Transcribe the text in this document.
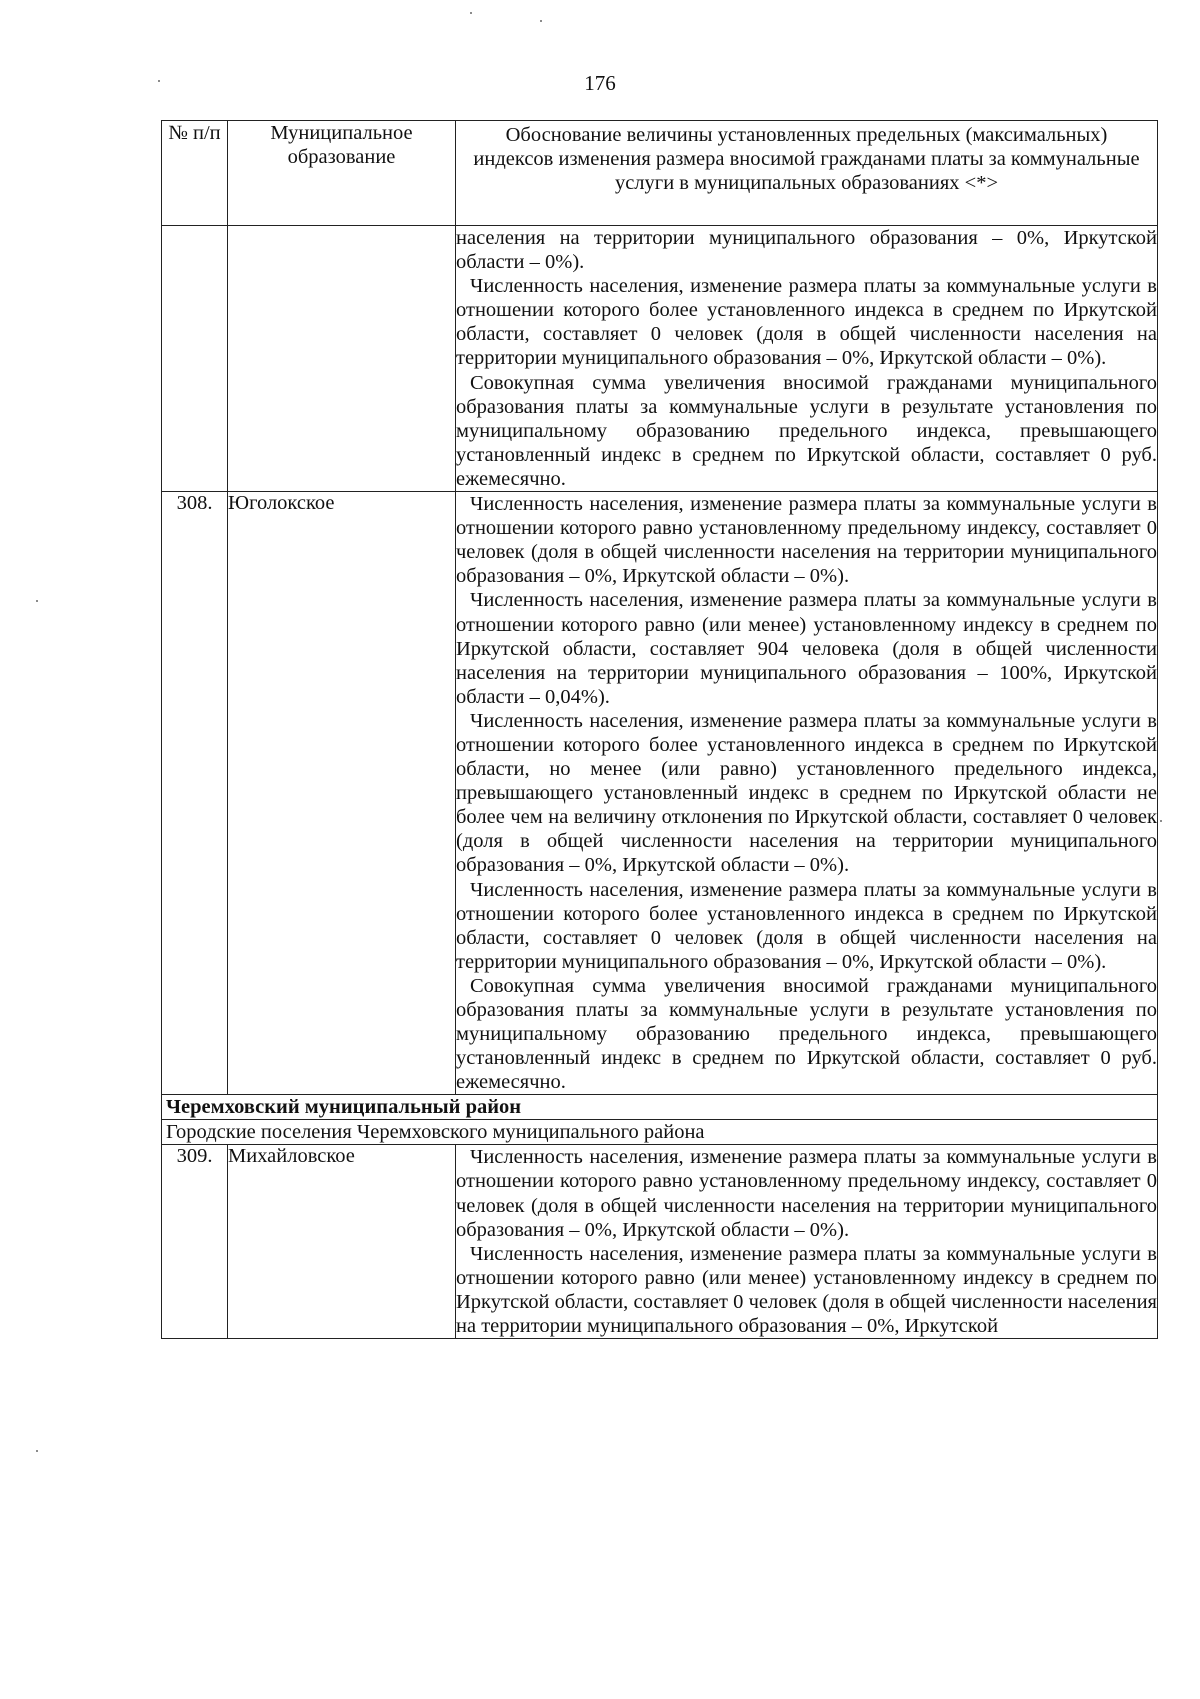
176
№ п/п	Муниципальное образование	Обоснование величины установленных предельных (максимальных) индексов изменения размера вносимой гражданами платы за коммунальные услуги в муниципальных образованиях <*>

		населения на территории муниципального образования – 0%, Иркутской области – 0%).

Численность населения, изменение размера платы за коммунальные услуги в отношении которого более установленного индекса в среднем по Иркутской области, составляет 0 человек (доля в общей численности населения на территории муниципального образования – 0%, Иркутской области – 0%).

Совокупная сумма увеличения вносимой гражданами муниципального образования платы за коммунальные услуги в результате установления по муниципальному образованию предельного индекса, превышающего установленный индекс в среднем по Иркутской области, составляет 0 руб. ежемесячно.

308.	Юголокское	Численность населения, изменение размера платы за коммунальные услуги в отношении которого равно установленному предельному индексу, составляет 0 человек (доля в общей численности населения на территории муниципального образования – 0%, Иркутской области – 0%).

Численность населения, изменение размера платы за коммунальные услуги в отношении которого равно (или менее) установленному индексу в среднем по Иркутской области, составляет 904 человека (доля в общей численности населения на территории муниципального образования – 100%, Иркутской области – 0,04%).

Численность населения, изменение размера платы за коммунальные услуги в отношении которого более установленного индекса в среднем по Иркутской области, но менее (или равно) установленного предельного индекса, превышающего установленный индекс в среднем по Иркутской области не более чем на величину отклонения по Иркутской области, составляет 0 человек (доля в общей численности населения на территории муниципального образования – 0%, Иркутской области – 0%).

Численность населения, изменение размера платы за коммунальные услуги в отношении которого более установленного индекса в среднем по Иркутской области, составляет 0 человек (доля в общей численности населения на территории муниципального образования – 0%, Иркутской области – 0%).

Совокупная сумма увеличения вносимой гражданами муниципального образования платы за коммунальные услуги в результате установления по муниципальному образованию предельного индекса, превышающего установленный индекс в среднем по Иркутской области, составляет 0 руб. ежемесячно.

Черемховский муниципальный район		
Городские поселения Черемховского муниципального района		
309.	Михайловское	Численность населения, изменение размера платы за коммунальные услуги в отношении которого равно установленному предельному индексу, составляет 0 человек (доля в общей численности населения на территории муниципального образования – 0%, Иркутской области – 0%).

Численность населения, изменение размера платы за коммунальные услуги в отношении которого равно (или менее) установленному индексу в среднем по Иркутской области, составляет 0 человек (доля в общей численности населения на территории муниципального образования – 0%, Иркутской
